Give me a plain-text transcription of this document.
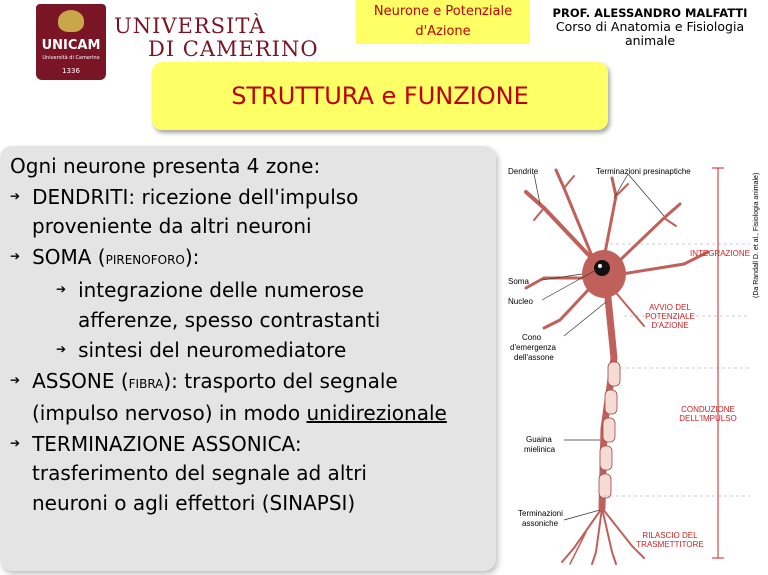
UNICAM
Università di Camerino
1336
UNIVERSITÀ
DI CAMERINO
Neurone e Potenziale
d'Azione
PROF. ALESSANDRO MALFATTI
Corso di Anatomia e Fisiologia
animale
STRUTTURA e FUNZIONE
Ogni neurone presenta 4 zone:
➔ DENDRITI: ricezione dell'impulso
proveniente da altri neuroni
➔ SOMA (PIRENOFORO):
➔ integrazione delle numerose
afferenze, spesso contrastanti
➔ sintesi del neuromediatore
➔ ASSONE (FIBRA): trasporto del segnale
(impulso nervoso) in modo unidirezionale
➔ TERMINAZIONE ASSONICA:
trasferimento del segnale ad altri
neuroni o agli effettori (SINAPSI)
Dendrite	Terminazioni presinaptiche
Soma
Nucleo
Cono
d'emergenza
dell'assone
Guaina
mielinica
Terminazioni
assoniche
INTEGRAZIONE
AVVIO DEL
POTENZIALE
D'AZIONE
CONDUZIONE
DELL'IMPULSO
RILASCIO DEL
TRASMETTITORE
(Da Randall D. et al., Fisiologia animale)
